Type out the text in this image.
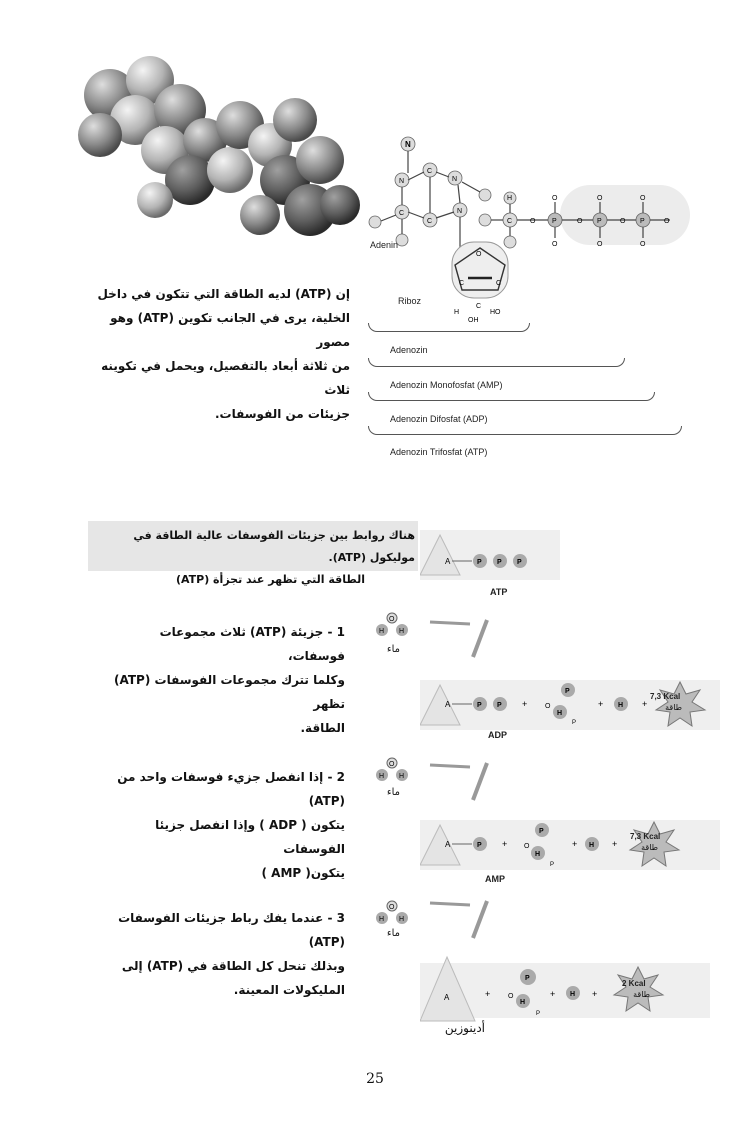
N
N
C
C
C
N
N
C
H
P	P	P
O	O	O
O	O	O
O	O	O
O
O
C	C
C
H	HO
OH
Adenin
Riboz
Adenozin
Adenozin Monofosfat (AMP)
Adenozin Difosfat (ADP)
Adenozin Trifosfat (ATP)
إن (ATP) لديه الطاقة التي تتكون في داخل
الخلية، يرى في الجانب تكوين (ATP) وهو مصور
من ثلاثة أبعاد بالتفصيل، ويحمل في تكوينه ثلاث
جزيئات من الفوسفات.
هناك روابط بين جزيئات الفوسفات عالية الطاقة في موليكول (ATP).
الطاقة التي تظهر عند تجزأة (ATP)
A	P P P
ATP
1 - جزيئة (ATP) ثلاث مجموعات فوسفات،
وكلما تترك مجموعات الفوسفات (ATP) تظهر
الطاقة.
O
H H
ماء
A	P P +	O
P
H
P
+ H +
7,3 Kcal
طاقة
ADP
2 - إذا انفصل جزيء فوسفات واحد من (ATP)
يتكون ( ADP ) وإذا انفصل جزيئا الفوسفات
يتكون( AMP )
O
H H
ماء
A	P + O
P
H
P
+ H +
7,3 Kcal
طاقة
AMP
3 - عندما يفك رباط جزيئات الفوسفات (ATP)
وبذلك تنحل كل الطاقة في (ATP) إلى
المليكولات المعينة.
O
H H
ماء
A	+	O
P
H
P
+ H +
2 Kcal
طاقة
أدينوزين
25
